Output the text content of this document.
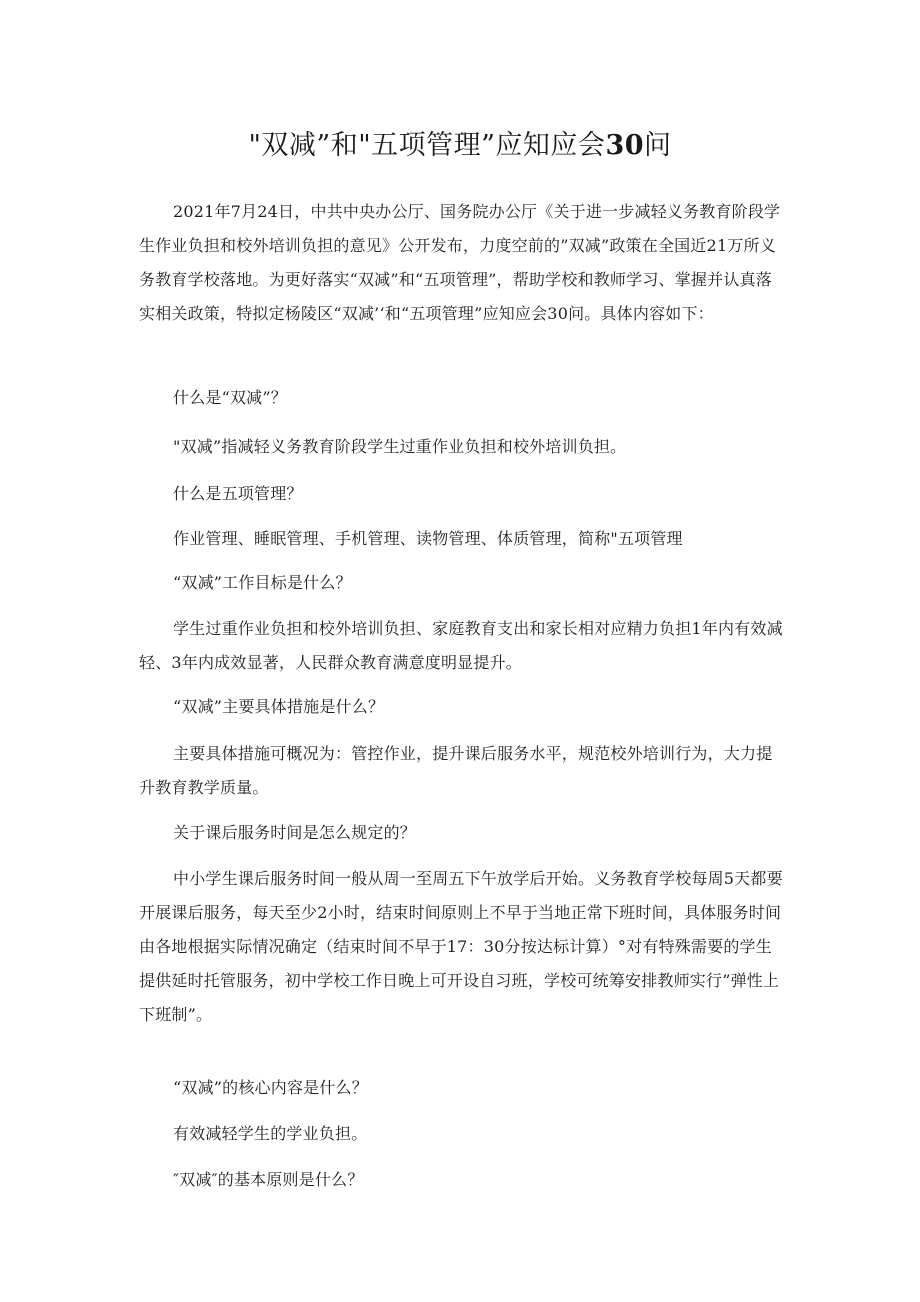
"双减”和"五项管理”应知应会30问

2021年7月24日，中共中央办公厅、国务院办公厅《关于进一步减轻义务教育阶段学生作业负担和校外培训负担的意见》公开发布，力度空前的”双减”政策在全国近21万所义务教育学校落地。为更好落实“双减”和“五项管理”，帮助学校和教师学习、掌握并认真落实相关政策，特拟定杨陵区“双减’‘和“五项管理”应知应会30问。具体内容如下：

什么是“双减”？

"双减”指减轻义务教育阶段学生过重作业负担和校外培训负担。

什么是五项管理？

作业管理、睡眠管理、手机管理、读物管理、体质管理，简称"五项管理

“双减”工作目标是什么？

学生过重作业负担和校外培训负担、家庭教育支出和家长相对应精力负担1年内有效减轻、3年内成效显著，人民群众教育满意度明显提升。

“双减”主要具体措施是什么？

主要具体措施可概况为：管控作业，提升课后服务水平，规范校外培训行为，大力提升教育教学质量。

关于课后服务时间是怎么规定的？

中小学生课后服务时间一般从周一至周五下午放学后开始。义务教育学校每周5天都要开展课后服务，每天至少2小时，结束时间原则上不早于当地正常下班时间，具体服务时间由各地根据实际情况确定（结束时间不早于17：30分按达标计算）°对有特殊需要的学生提供延时托管服务，初中学校工作日晚上可开设自习班，学校可统筹安排教师实行”弹性上下班制”。

“双减”的核心内容是什么？

有效减轻学生的学业负担。

″双减″的基本原则是什么？
